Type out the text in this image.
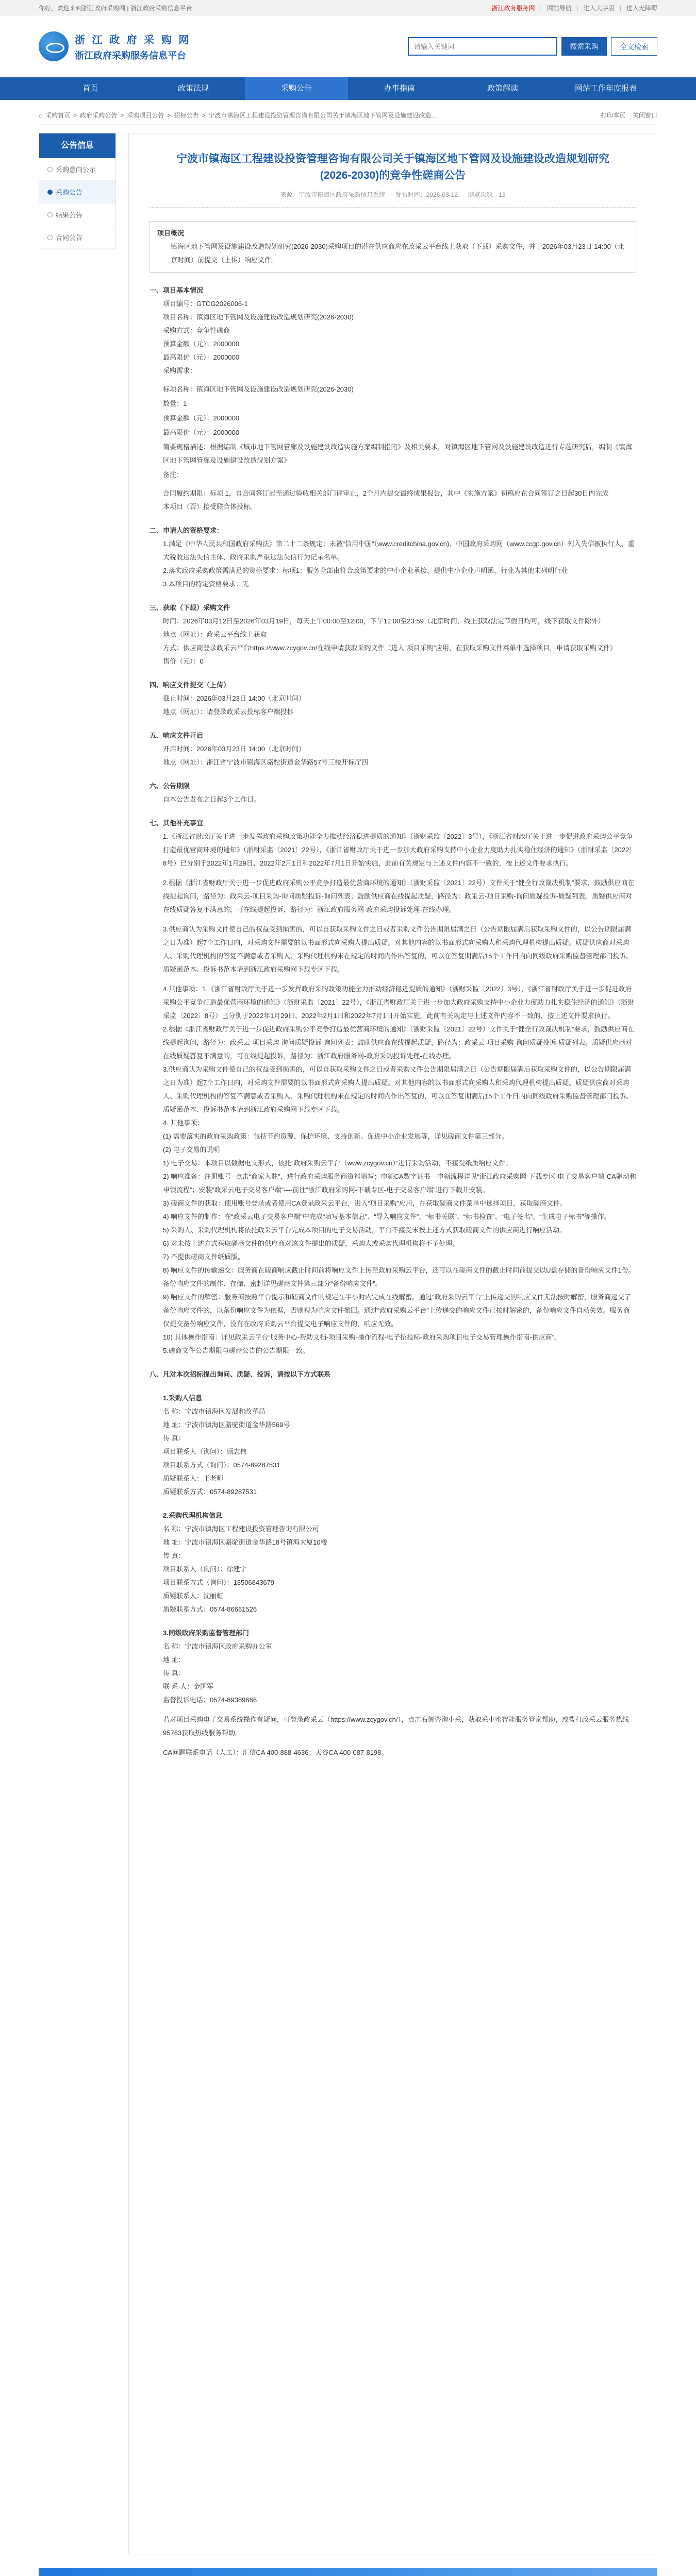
你好，欢迎来到浙江政府采购网 | 浙江政府采购信息平台	浙江政务服务网 | 网站导航 | 进入大字版 | 进入无障碍
浙 江 政 府 采 购 网
浙江政府采购服务信息平台
请输入关键词
搜索采购	全文检索
首页	政策法规	采购公告	办事指南	政策解读	网站工作年度报表
⌂ 采购首页 > 政府采购公告 > 采购项目公告 > 招标公告 > 宁波市镇海区工程建设投资管理咨询有限公司关于镇海区地下管网及设施建设改造...	打印本页 关闭窗口
公告信息
采购意向公示
采购公告
结果公告
合同公告
宁波市镇海区工程建设投资管理咨询有限公司关于镇海区地下管网及设施建设改造规划研究(2026-2030)的竞争性磋商公告
来源：宁波市镇海区政府采购信息系统 发布时间：2026-03-12 浏览次数：13
项目概况
镇海区地下管网及设施建设改造规划研究(2026-2030)采购项目的潜在供应商应在政采云平台线上获取（下载）采购文件，并于2026年03月23日 14:00（北京时间）前提交（上传）响应文件。
一、项目基本情况
项目编号：GTCG2026006-1
项目名称：镇海区地下管网及设施建设改造规划研究(2026-2030)
采购方式：竞争性磋商
预算金额（元）：2000000
最高限价（元）：2000000
采购需求：
标项名称：镇海区地下管网及设施建设改造规划研究(2026-2030)
数量：1
预算金额（元）：2000000
最高限价（元）：2000000
简要规格描述：根据编制《城市地下管网管廊及设施建设改造实施方案编制指南》及相关要求，对镇海区地下管网及设施建设改造进行专题研究后，编制《镇海区地下管网管廊及设施建设改造规划方案》
备注：
合同履约期限：标项 1，自合同签订起至通过验收相关部门评审止，2个月内提交最终成果报告，其中《实施方案》初稿应在合同签订之日起30日内完成
本项目（否）接受联合体投标。
二、申请人的资格要求：
1.满足《中华人民共和国政府采购法》第二十二条规定；未被“信用中国”（www.creditchina.gov.cn)、中国政府采购网（www.ccgp.gov.cn）列入失信被执行人、重大税收违法失信主体、政府采购严重违法失信行为记录名单。
2.落实政府采购政策需满足的资格要求：标项1：服务全部由符合政策要求的中小企业承接，提供中小企业声明函，行业为其他未列明行业
3.本项目的特定资格要求：无
三、获取（下载）采购文件
时间：2026年03月12日至2026年03月19日，每天上午00:00至12:00，下午12:00至23:59（北京时间，线上获取法定节假日均可，线下获取文件除外）
地点（网址）：政采云平台线上获取
方式：供应商登录政采云平台https://www.zcygov.cn/在线申请获取采购文件（进入“项目采购”应用，在获取采购文件菜单中选择项目，申请获取采购文件）
售价（元）：0
四、响应文件提交（上传）
截止时间：2026年03月23日 14:00（北京时间）
地点（网址）：请登录政采云投标客户端投标
五、响应文件开启
开启时间：2026年03月23日 14:00（北京时间）
地点（网址）：浙江省宁波市镇海区骆驼街道金华路57号三楼开标厅四
六、公告期限
自本公告发布之日起3个工作日。
七、其他补充事宜
1.《浙江省财政厅关于进一步发挥政府采购政策功能全力推动经济稳进提质的通知》（浙财采监〔2022〕3号），《浙江省财政厅关于进一步促进政府采购公平竞争打造最优营商环境的通知》（浙财采监〔2021〕22号），《浙江省财政厅关于进一步加大政府采购支持中小企业力度助力扎实稳住经济的通知》（浙财采监〔2022〕8号）已分别于2022年1月29日、2022年2月1日和2022年7月1日开始实施，此前有关规定与上述文件内容不一致的，按上述文件要求执行。
2.根据《浙江省财政厅关于进一步促进政府采购公平竞争打造最优营商环境的通知》（浙财采监〔2021〕22号）文件关于“健全行政裁决机制”要求，鼓励供应商在线提起询问，路径为：政采云-项目采购-询问质疑投诉-询问列表；鼓励供应商在线提起质疑，路径为：政采云-项目采购-询问质疑投诉-质疑列表。质疑供应商对在线质疑答复不满意的，可在线提起投诉，路径为：浙江政府服务网-政府采购投诉处理-在线办理。
3.供应商认为采购文件使自己的权益受到损害的，可以自获取采购文件之日或者采购文件公告期限届满之日（公告期限届满后获取采购文件的，以公告期限届满之日为准）起7个工作日内，对采购文件需要的以书面形式向采购人提出质疑。对其他内容的以书面形式向采购人和采购代理机构提出质疑。质疑供应商对采购人、采购代理机构的答复不满意或者采购人、采购代理机构未在规定的时间内作出答复的，可以在答复期满后15个工作日内向同级政府采购监督管理部门投诉。质疑函范本、投诉书范本请到浙江政府采购网下载专区下载。
4.其他事项：1.《浙江省财政厅关于进一步发挥政府采购政策功能全力推动经济稳进提质的通知》（浙财采监〔2022〕3号），《浙江省财政厅关于进一步促进政府采购公平竞争打造最优营商环境的通知》（浙财采监〔2021〕22号），《浙江省财政厅关于进一步加大政府采购支持中小企业力度助力扎实稳住经济的通知》（浙财采监〔2022〕8号）已分别于2022年1月29日、2022年2月1日和2022年7月1日开始实施，此前有关规定与上述文件内容不一致的，按上述文件要求执行。
2.根据《浙江省财政厅关于进一步促进政府采购公平竞争打造最优营商环境的通知》（浙财采监〔2021〕22号）文件关于“健全行政裁决机制”要求，鼓励供应商在线提起询问，路径为：政采云-项目采购-询问质疑投诉-询问列表；鼓励供应商在线提起质疑，路径为：政采云-项目采购-询问质疑投诉-质疑列表。质疑供应商对在线质疑答复不满意的，可在线提起投诉，路径为：浙江政府服务网-政府采购投诉处理-在线办理。
3.供应商认为采购文件使自己的权益受到损害的，可以自获取采购文件之日或者采购文件公告期限届满之日（公告期限届满后获取采购文件的，以公告期限届满之日为准）起7个工作日内，对采购文件需要的以书面形式向采购人提出质疑。对其他内容的以书面形式向采购人和采购代理机构提出质疑。质疑供应商对采购人、采购代理机构的答复不满意或者采购人、采购代理机构未在规定的时间内作出答复的，可以在答复期满后15个工作日内向同级政府采购监督管理部门投诉。质疑函范本、投诉书范本请到浙江政府采购网下载专区下载。
4. 其他事项：
(1) 需要落实的政府采购政策：包括节约资源、保护环境、支持创新、促进中小企业发展等，详见磋商文件第三部分。
(2) 电子交易的说明
1) 电子交易：本项目以数据电文形式，依托“政府采购云平台（www.zcygov.cn）”进行采购活动，不接受纸质响应文件。
2) 响应准备：注册账号--点击“商家入驻”，进行政府采购服务商资料填写；申领CA数字证书---申领流程详见“浙江政府采购网-下载专区-电子交易客户端-CA驱动和申领流程”；安装“政采云电子交易客户端”----前往“浙江政府采购网-下载专区-电子交易客户端”进行下载并安装。
3) 磋商文件的获取：使用账号登录或者使用CA登录政采云平台，进入“项目采购”应用，在获取磋商文件菜单中选择项目，获取磋商文件。
4) 响应文件的制作：在“政采云电子交易客户端”中完成“填写基本信息”、“导入响应文件”、“标书关联”、“标书检查”、“电子签名”、“生成电子标书”等操作。
5) 采购人、采购代理机构将依托政采云平台完成本项目的电子交易活动，平台不接受未按上述方式获取磋商文件的供应商进行响应活动。
6) 对未按上述方式获取磋商文件的供应商对该文件提出的质疑，采购人或采购代理机构将不予处理。
7) 不提供磋商文件纸质版。
8) 响应文件的传输递交：服务商在磋商响应截止时间前将响应文件上传至政府采购云平台，还可以在磋商文件的截止时间前提交以U盘存储的备份响应文件1份。备份响应文件的制作、存储、密封详见磋商文件第三部分“备份响应文件”。
9) 响应文件的解密：服务商按照平台提示和磋商文件的规定在半小时内完成在线解密。通过“政府采购云平台”上传递交的响应文件无法按时解密，服务商递交了备份响应文件的，以备份响应文件为依据，否则视为响应文件撤回。通过“政府采购云平台”上传递交的响应文件已按时解密的，备份响应文件自动失效。服务商仅提交备份响应文件，没有在政府采购云平台提交电子响应文件的，响应无效。
10) 具体操作指南：详见政采云平台“服务中心-帮助文档-项目采购-操作流程-电子招投标-政府采购项目电子交易管理操作指南-供应商”。
5.磋商文件公告期限与磋商公告的公告期限一致。
八、凡对本次招标提出询问、质疑、投诉，请按以下方式联系
1.采购人信息
名 称：宁波市镇海区发展和改革局
地 址：宁波市镇海区骆驼街道金华路569号
传 真：
项目联系人（询问）：顾志伟
项目联系方式（询问）：0574-89287531
质疑联系人：王老师
质疑联系方式：0574-89287531
2.采购代理机构信息
名 称：宁波市镇海区工程建设投资管理咨询有限公司
地 址：宁波市镇海区骆驼街道金华路18号镇海大厦10楼
传 真：
项目联系人（询问）：徐建宇
项目联系方式（询问）：13506843679
质疑联系人：沈丽虹
质疑联系方式：0574-86661526
3.同级政府采购监督管理部门
名 称：宁波市镇海区政府采购办公室
地 址：
传 真：
联 系 人：金国军
监督投诉电话：0574-89389666
若对项目采购电子交易系统操作有疑问，可登录政采云（https://www.zcygov.cn/），点击右侧咨询小采，获取采小蜜智能服务管家帮助，或拨打政采云服务热线95763获取热线服务帮助。
CA问题联系电话（人工）：汇信CA 400-888-4636；天谷CA 400-087-8198。
